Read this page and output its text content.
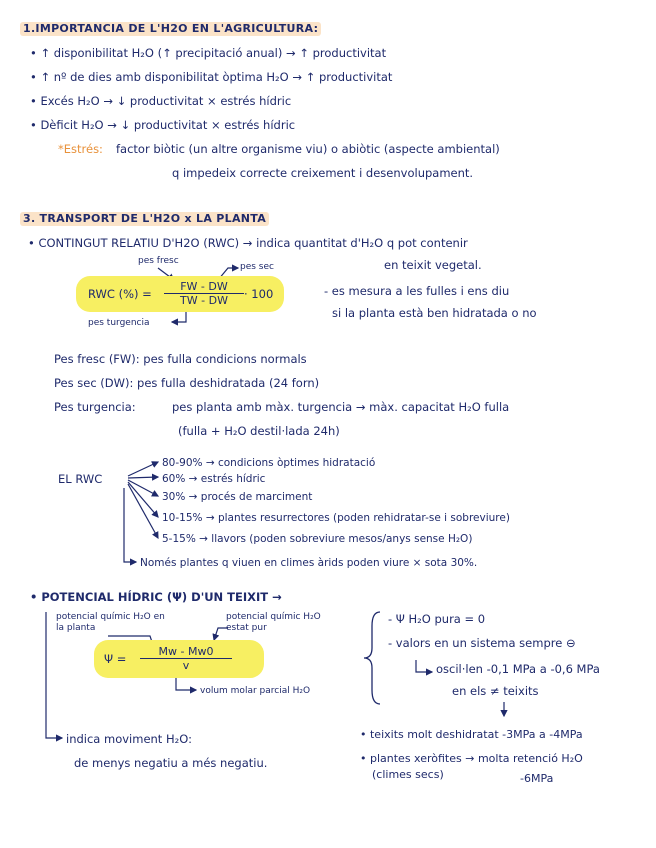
1.IMPORTANCIA DE L'H2O EN L'AGRICULTURA:
• ↑ disponibilitat H₂O (↑ precipitació anual) → ↑ productivitat
• ↑ nº de dies amb disponibilitat òptima H₂O → ↑ productivitat
• Excés H₂O → ↓ productivitat × estrés hídric
• Dèficit H₂O → ↓ productivitat × estrés hídric
*Estrés: factor biòtic (un altre organisme viu) o abiòtic (aspecte ambiental)
q impedeix correcte creixement i desenvolupament.
3. TRANSPORT DE L'H2O x LA PLANTA
• CONTINGUT RELATIU D'H2O (RWC) → indica quantitat d'H₂O q pot contenir
en teixit vegetal.
pes fresc
pes sec
RWC (%) = $\frac{FW - DW}{TW - DW} \cdot 100$
pes turgencia
- es mesura a les fulles i ens diu
si la planta està ben hidratada o no
Pes fresc (FW): pes fulla condicions normals
Pes sec (DW): pes fulla deshidratada (24 forn)
Pes turgencia:	pes planta amb màx. turgencia → màx. capacitat H₂O fulla
(fulla + H₂O destil·lada 24h)
EL RWC
80-90% → condicions òptimes hidratació
60% → estrés hídric
30% → procés de marciment
10-15% → plantes resurrectores (poden rehidratar-se i sobreviure)
5-15% → llavors (poden sobreviure mesos/anys sense H₂O)
Només plantes q viuen en climes àrids poden viure × sota 30%.
• POTENCIAL HÍDRIC (Ψ) D'UN TEIXIT →
potencial químic H₂O en la planta
potencial químic H₂O estat pur
$\Psi = \frac{Mw - Mw0}{v}$
volum molar parcial H₂O
- Ψ H₂O pura = 0
- valors en un sistema sempre ⊖
oscil·len -0,1 MPa a -0,6 MPa
en els ≠ teixits
• teixits molt deshidratat -3MPa a -4MPa
• plantes xeròfites → molta retenció H₂O
(climes secs)	-6MPa
indica moviment H₂O:
de menys negatiu a més negatiu.
